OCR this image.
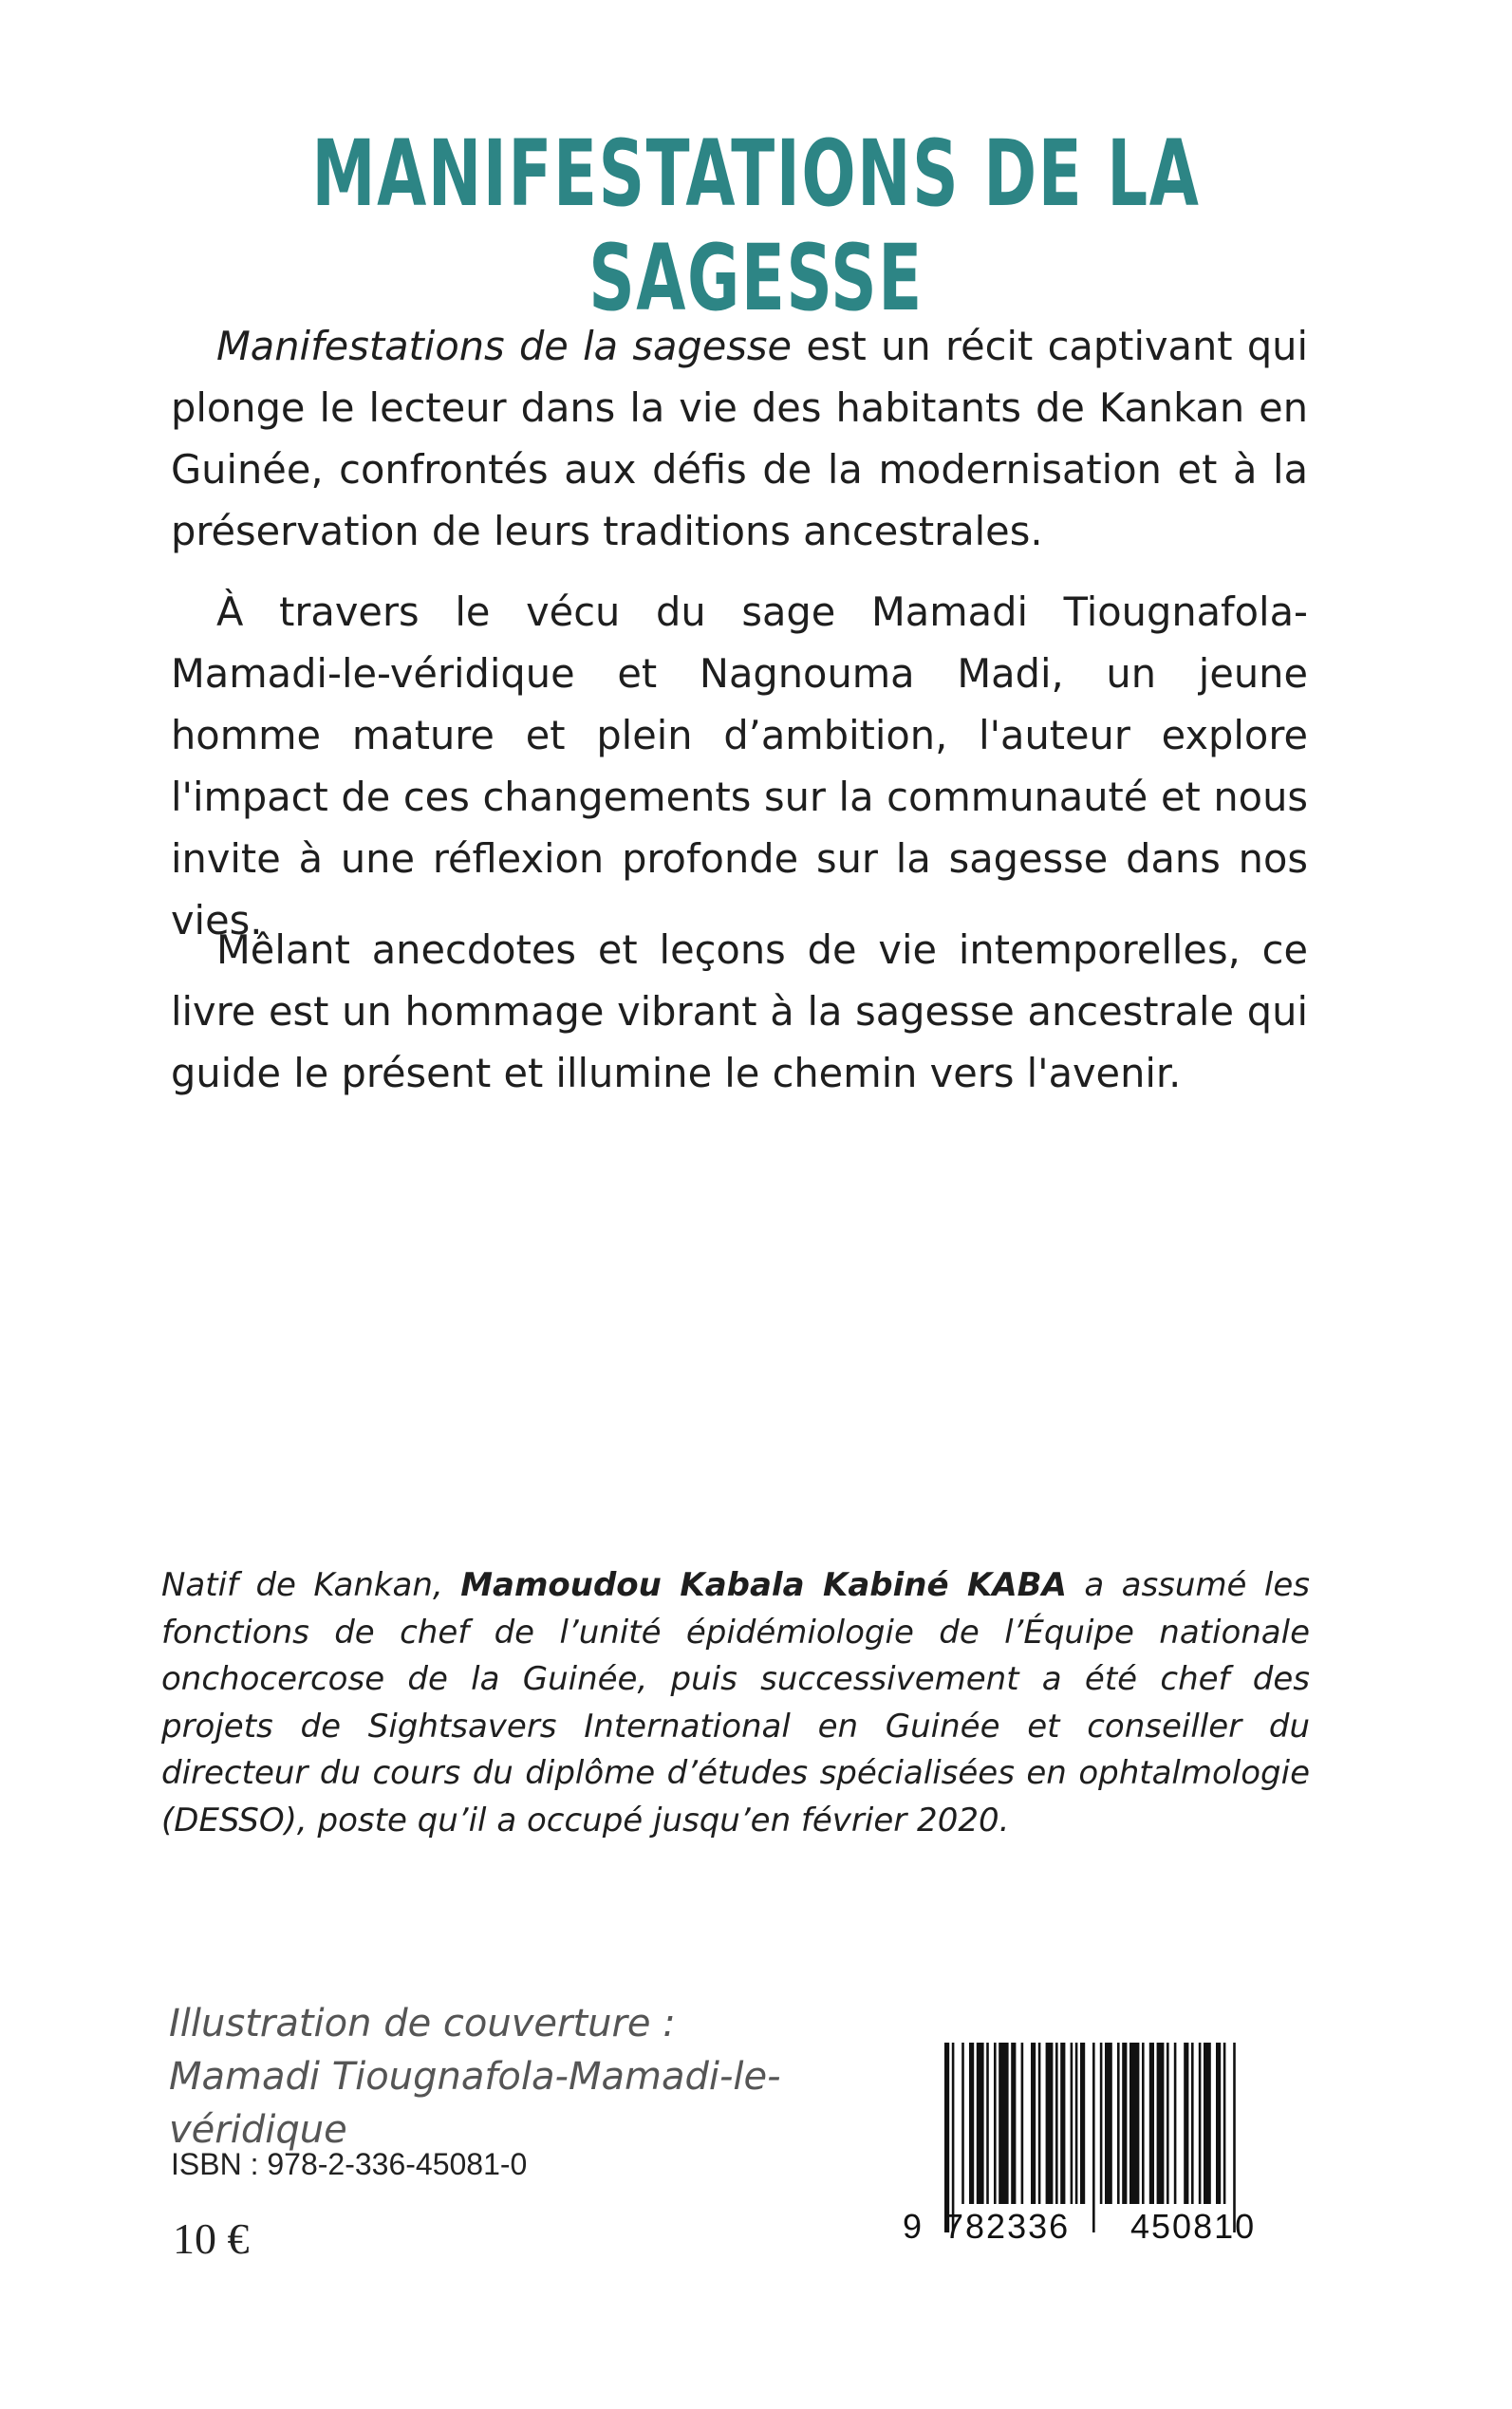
MANIFESTATIONS DE LA SAGESSE

Manifestations de la sagesse est un récit captivant qui plonge le lecteur dans la vie des habitants de Kankan en Guinée, confrontés aux défis de la modernisation et à la préservation de leurs traditions ancestrales.

À travers le vécu du sage Mamadi Tiougnafola-Mamadi-le-véridique et Nagnouma Madi, un jeune homme mature et plein d’ambition, l'auteur explore l'impact de ces changements sur la communauté et nous invite à une réflexion profonde sur la sagesse dans nos vies.

Mêlant anecdotes et leçons de vie intemporelles, ce livre est un hommage vibrant à la sagesse ancestrale qui guide le présent et illumine le chemin vers l'avenir.

Natif de Kankan, Mamoudou Kabala Kabiné KABA a assumé les fonctions de chef de l’unité épidémiologie de l’Équipe nationale onchocercose de la Guinée, puis successivement a été chef des projets de Sightsavers International en Guinée et conseiller du directeur du cours du diplôme d’études spécialisées en ophtalmologie (DESSO), poste qu’il a occupé jusqu’en février 2020.

Illustration de couverture : Mamadi Tiougnafola-Mamadi-le-véridique

ISBN : 978-2-336-45081-0
10 €	9 782336 450810
